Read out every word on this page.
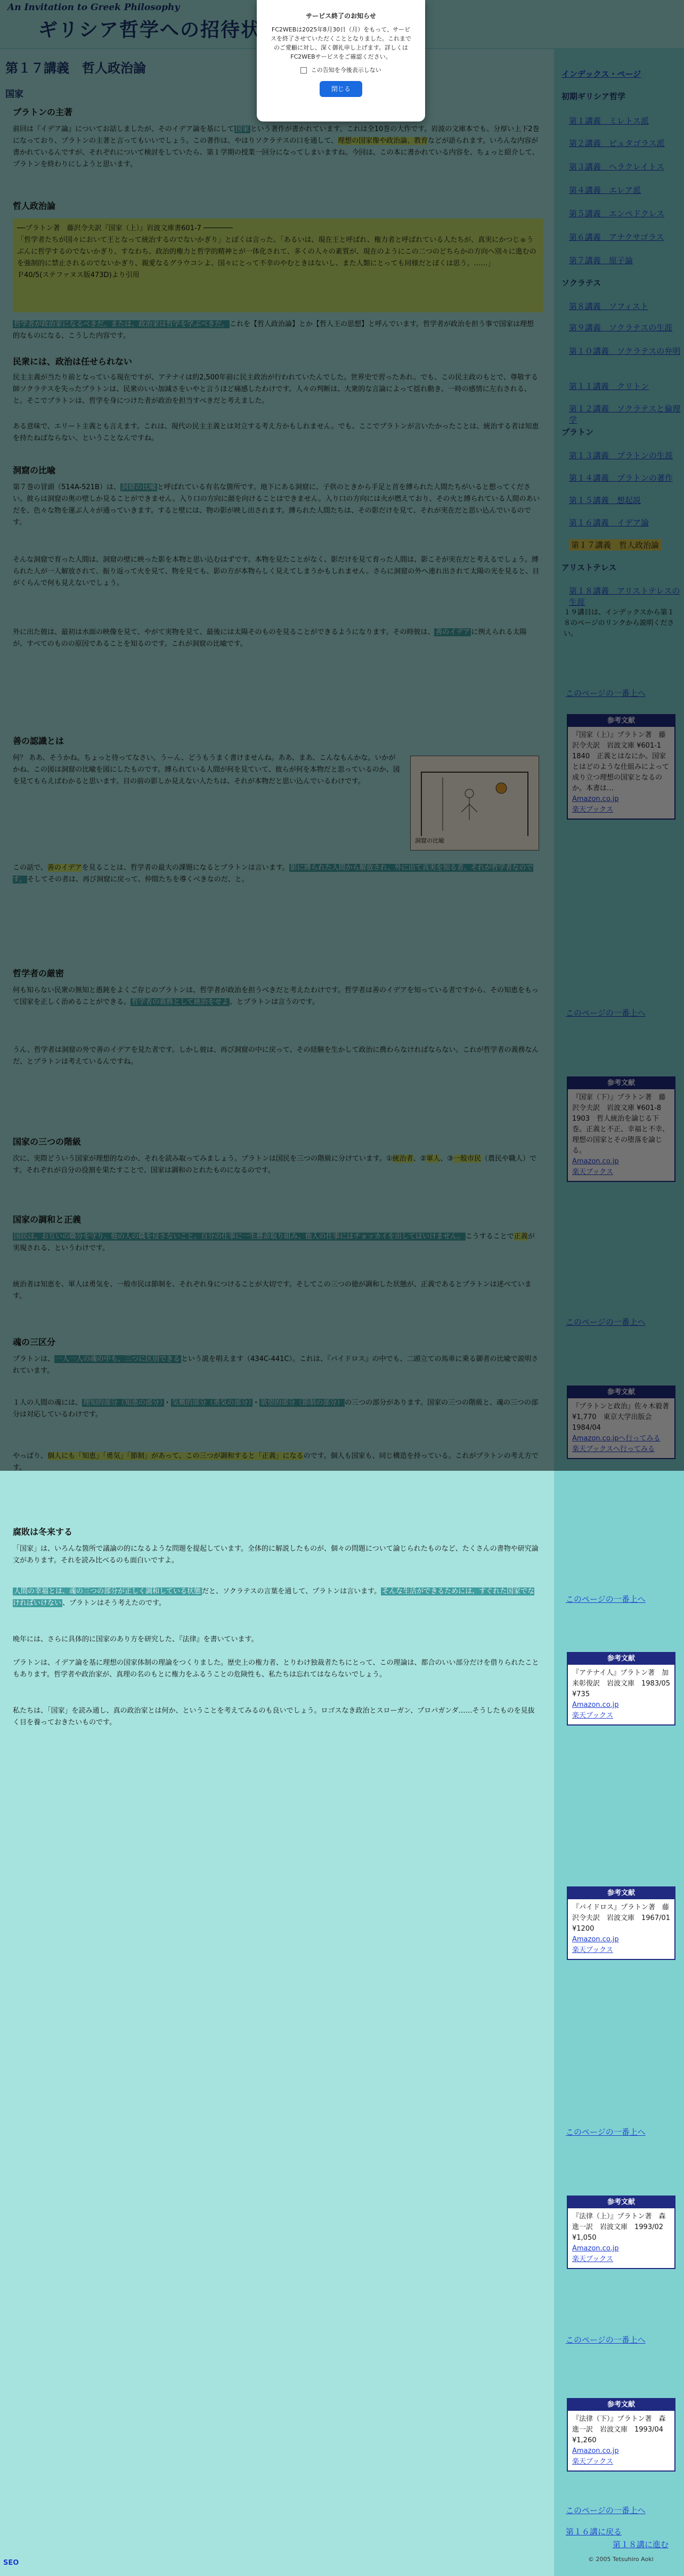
腐敗は冬来する
「国家」は、いろんな箇所で議論の的になるような問題を提起しています。全体的に解説したものが、個々の問題について論じられたものなど、たくさんの書物や研究論文があります。それを読み比べるのも面白いですよ。
人間の幸福とは、魂の三つの部分が正しく調和している状態 だと、ソクラテスの言葉を通して、プラトンは言います。 そんな生活ができるためには、すぐれた国家でなければいけない 、プラトンはそう考えたのです。
晩年には、さらに具体的に国家のあり方を研究した、『法律』を書いています。
プラトンは、イデア論を基に理想の国家体制の理論をつくりました。歴史上の権力者、とりわけ独裁者たちにとって、この理論は、都合のいい部分だけを借りられたこともあります。哲学者や政治家が、真理の名のもとに権力をふるうことの危険性も、私たちは忘れてはならないでしょう。
私たちは、「国家」を読み通し、真の政治家とは何か、ということを考えてみるのも良いでしょう。ロゴスなき政治とスローガン、プロパガンダ……そうしたものを見抜く目を養っておきたいものです。
このページの一番上へ
参考文献
『アテナイ人』プラトン著　加来彰俊訳　岩波文庫　1983/05　¥735
Amazon.co.jp
楽天ブックス
参考文献
『パイドロス』プラトン著　藤沢令夫訳　岩波文庫　1967/01　¥1200
Amazon.co.jp
楽天ブックス
このページの一番上へ
参考文献
『法律（上）』プラトン著　森進一訳　岩波文庫　1993/02　¥1,050
Amazon.co.jp
楽天ブックス
このページの一番上へ
参考文献
『法律（下）』プラトン著　森進一訳　岩波文庫　1993/04　¥1,260
Amazon.co.jp
楽天ブックス
このページの一番上へ
第１６講に戻る
第１８講に進む
© 2005 Tetsuhiro Aoki
SEO
サービス終了のお知らせ
FC2WEBは2025年8月30日（月）をもって、サービスを終了させていただくこととなりました。これまでのご愛顧に対し、深く御礼申し上げます。詳しくはFC2WEBサービスをご確認ください。
この告知を今後表示しない
閉じる
